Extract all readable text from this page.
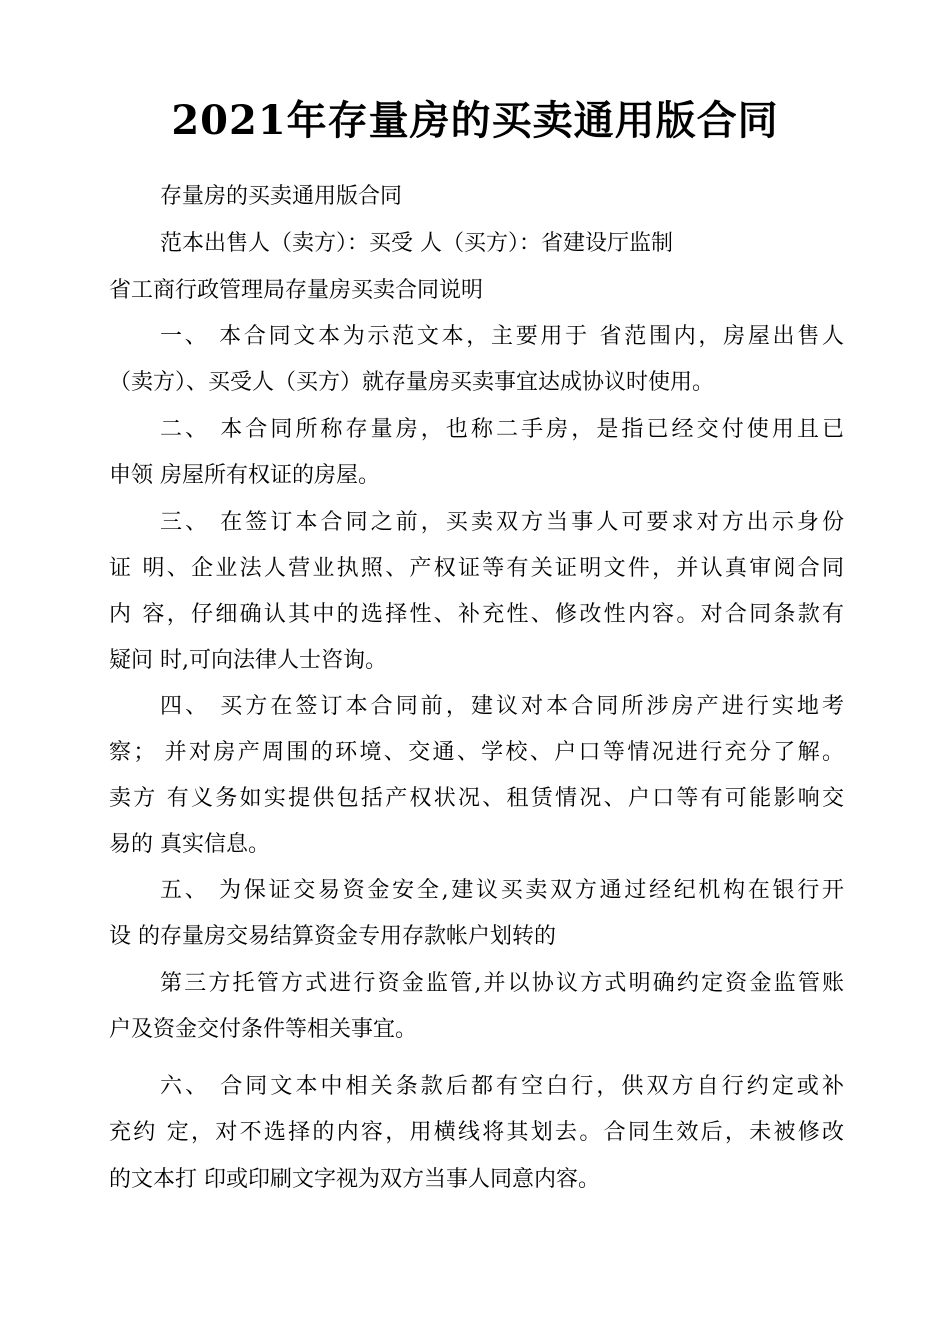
2021年存量房的买卖通用版合同
存量房的买卖通用版合同
范本出售人（卖方）：买受 人（买方）：省建设厅监制
省工商行政管理局存量房买卖合同说明
一、 本合同文本为示范文本，主要用于 省范围内，房屋出售人
（卖方）、买受人（买方）就存量房买卖事宜达成协议时使用。
二、 本合同所称存量房，也称二手房，是指已经交付使用且已
申领 房屋所有权证的房屋。
三、 在签订本合同之前，买卖双方当事人可要求对方出示身份
证 明、企业法人营业执照、产权证等有关证明文件，并认真审阅合同
内 容，仔细确认其中的选择性、补充性、修改性内容。对合同条款有
疑问 时,可向法律人士咨询。
四、 买方在签订本合同前，建议对本合同所涉房产进行实地考
察； 并对房产周围的环境、交通、学校、户口等情况进行充分了解。
卖方 有义务如实提供包括产权状况、租赁情况、户口等有可能影响交
易的 真实信息。
五、 为保证交易资金安全,建议买卖双方通过经纪机构在银行开
设 的存量房交易结算资金专用存款帐户划转的
第三方托管方式进行资金监管,并以协议方式明确约定资金监管账
户及资金交付条件等相关事宜。
六、 合同文本中相关条款后都有空白行，供双方自行约定或补
充约 定，对不选择的内容，用横线将其划去。合同生效后，未被修改
的文本打 印或印刷文字视为双方当事人同意内容。
